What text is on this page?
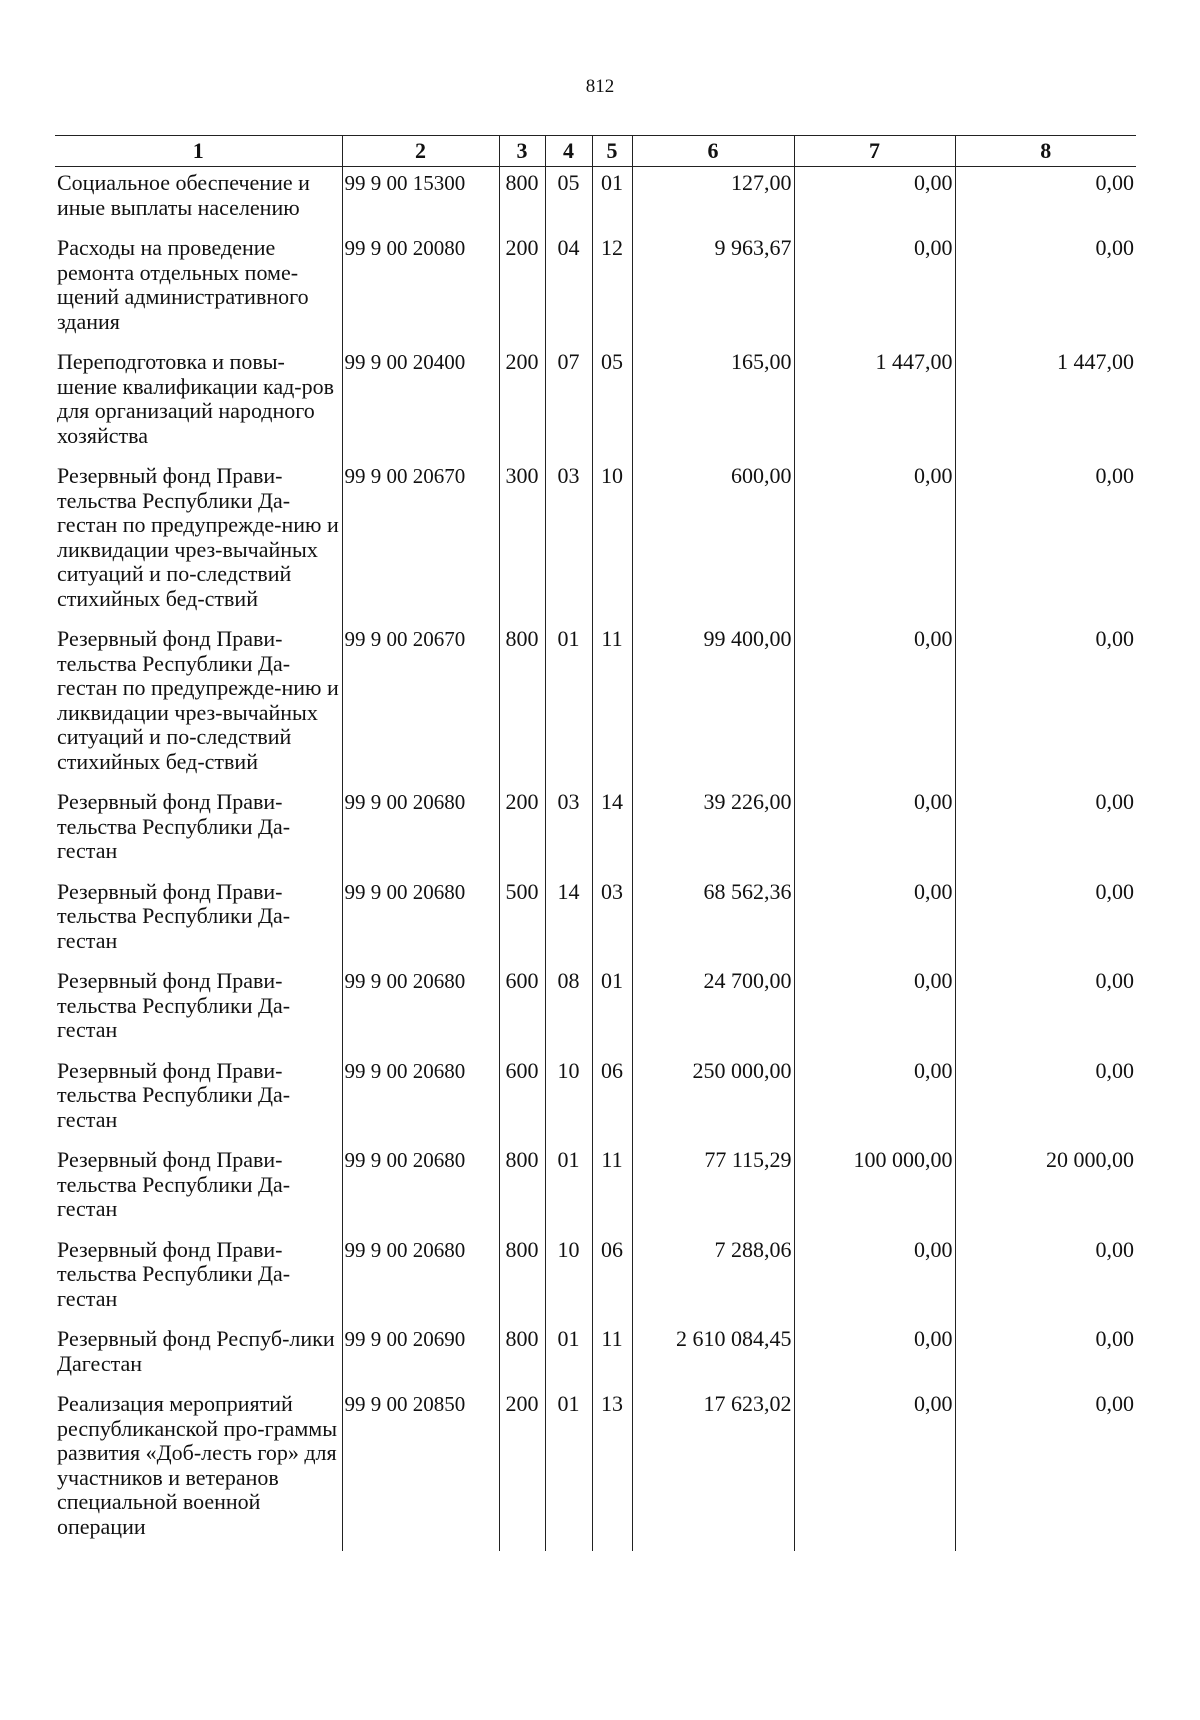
812
1	2	3	4	5	6	7	8
Социальное обеспечение и иные выплаты населению	99 9 00 15300	800	05	01	127,00	0,00	0,00
Расходы на проведение ремонта отдельных поме-щений административного здания	99 9 00 20080	200	04	12	9 963,67	0,00	0,00
Переподготовка и повы-шение квалификации кад-ров для организаций народного хозяйства	99 9 00 20400	200	07	05	165,00	1 447,00	1 447,00
Резервный фонд Прави-тельства Республики Да-гестан по предупрежде-нию и ликвидации чрез-вычайных ситуаций и по-следствий стихийных бед-ствий	99 9 00 20670	300	03	10	600,00	0,00	0,00
Резервный фонд Прави-тельства Республики Да-гестан по предупрежде-нию и ликвидации чрез-вычайных ситуаций и по-следствий стихийных бед-ствий	99 9 00 20670	800	01	11	99 400,00	0,00	0,00
Резервный фонд Прави-тельства Республики Да-гестан	99 9 00 20680	200	03	14	39 226,00	0,00	0,00
Резервный фонд Прави-тельства Республики Да-гестан	99 9 00 20680	500	14	03	68 562,36	0,00	0,00
Резервный фонд Прави-тельства Республики Да-гестан	99 9 00 20680	600	08	01	24 700,00	0,00	0,00
Резервный фонд Прави-тельства Республики Да-гестан	99 9 00 20680	600	10	06	250 000,00	0,00	0,00
Резервный фонд Прави-тельства Республики Да-гестан	99 9 00 20680	800	01	11	77 115,29	100 000,00	20 000,00
Резервный фонд Прави-тельства Республики Да-гестан	99 9 00 20680	800	10	06	7 288,06	0,00	0,00
Резервный фонд Респуб-лики Дагестан	99 9 00 20690	800	01	11	2 610 084,45	0,00	0,00
Реализация мероприятий республиканской про-граммы развития «Доб-лесть гор» для участников и ветеранов специальной военной операции	99 9 00 20850	200	01	13	17 623,02	0,00	0,00
